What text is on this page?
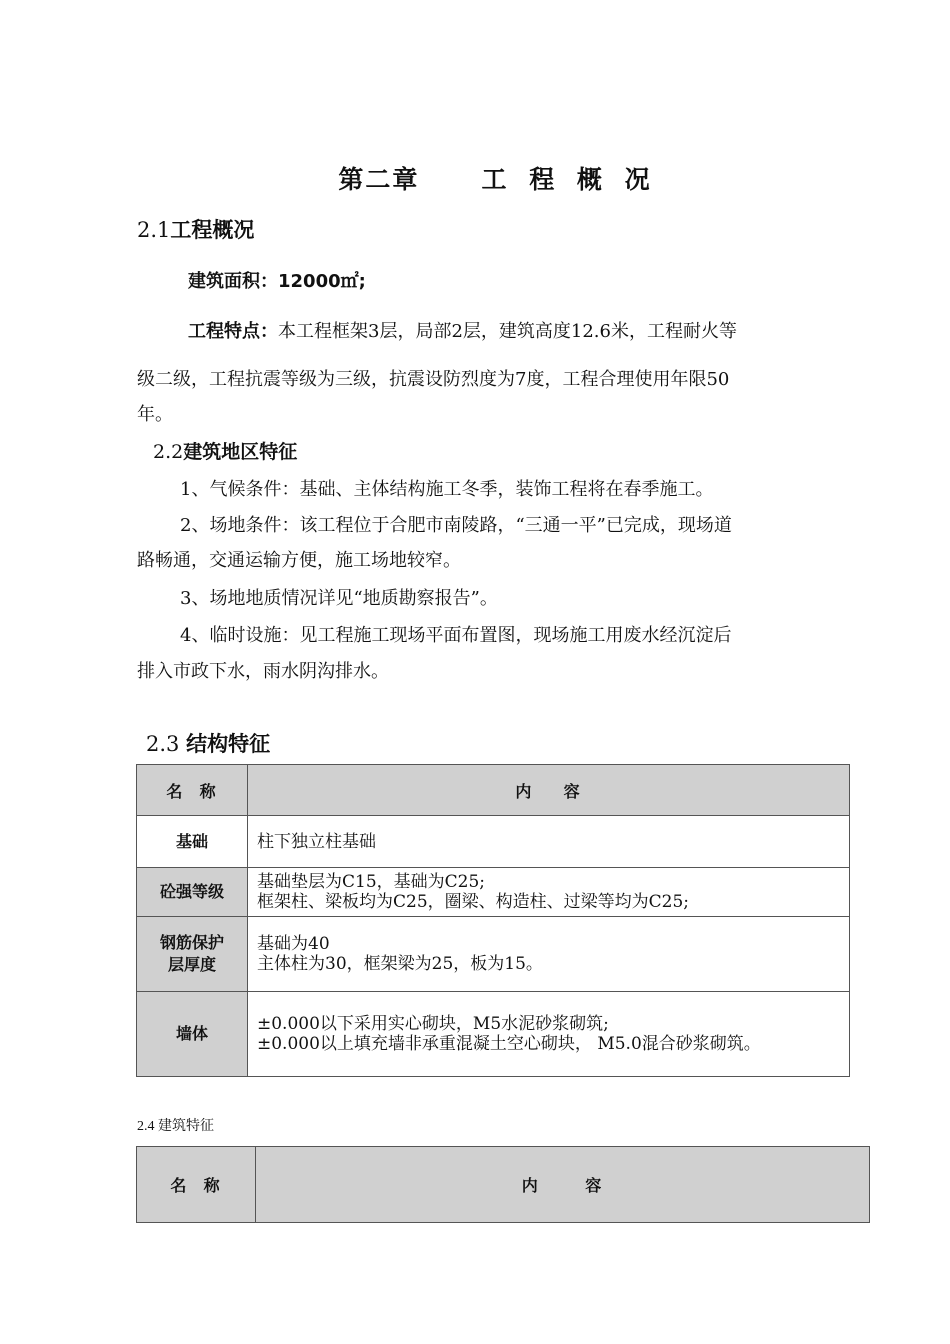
第二章   工 程 概 况
2.1工程概况
建筑面积：12000㎡;
工程特点：本工程框架3层，局部2层，建筑高度12.6米，工程耐火等
级二级，工程抗震等级为三级，抗震设防烈度为7度，工程合理使用年限50
年。
2.2建筑地区特征
1、气候条件：基础、主体结构施工冬季，装饰工程将在春季施工。
2、场地条件：该工程位于合肥市南陵路，“三通一平”已完成，现场道
路畅通，交通运输方便，施工场地较窄。
3、场地地质情况详见“地质勘察报告”。
4、临时设施：见工程施工现场平面布置图，现场施工用废水经沉淀后
排入市政下水，雨水阴沟排水。
2.3 结构特征
名  称	内    容
基础	柱下独立柱基础

砼强等级	基础垫层为C15，基础为C25;
框架柱、梁板均为C25，圈梁、构造柱、过梁等均为C25;

钢筋保护
层厚度	基础为40
主体柱为30，框架梁为25，板为15。

墙体	±0.000以下采用实心砌块，M5水泥砂浆砌筑;
±0.000以上填充墙非承重混凝土空心砌块， M5.0混合砂浆砌筑。
2.4 建筑特征
名  称	内      容
